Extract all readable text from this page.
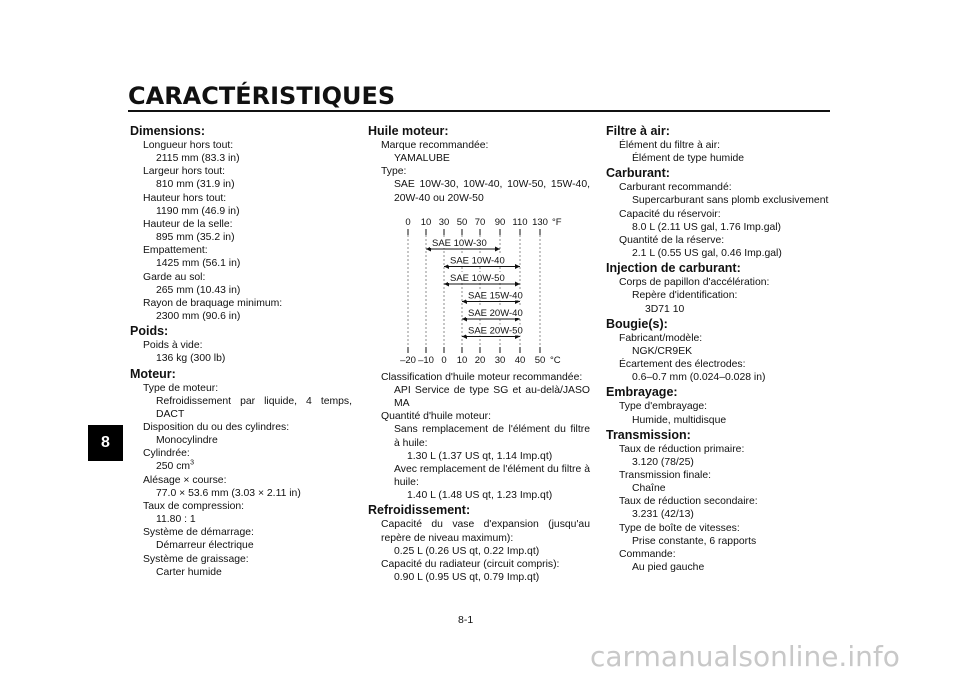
CARACTÉRISTIQUES
8
Dimensions:
Longueur hors tout:
2115 mm (83.3 in)
Largeur hors tout:
810 mm (31.9 in)
Hauteur hors tout:
1190 mm (46.9 in)
Hauteur de la selle:
895 mm (35.2 in)
Empattement:
1425 mm (56.1 in)
Garde au sol:
265 mm (10.43 in)
Rayon de braquage minimum:
2300 mm (90.6 in)
Poids:
Poids à vide:
136 kg (300 lb)
Moteur:
Type de moteur:
Refroidissement par liquide, 4 temps,
DACT
Disposition du ou des cylindres:
Monocylindre
Cylindrée:
250 $cm^3$
Alésage × course:
77.0 × 53.6 mm (3.03 × 2.11 in)
Taux de compression:
11.80 : 1
Système de démarrage:
Démarreur électrique
Système de graissage:
Carter humide
Huile moteur:
Marque recommandée:
YAMALUBE
Type:
SAE 10W-30, 10W-40, 10W-50, 15W-40, 20W-40 ou 20W-50
0 10 30 50 70 90 110 130 °F
–20 –10 0 10 20 30 40 50 °C
SAE 10W-30
SAE 10W-40
SAE 10W-50
SAE 15W-40
SAE 20W-40
SAE 20W-50
Classification d'huile moteur recommandée:
API Service de type SG et au-delà/JASO MA
Quantité d'huile moteur:
Sans remplacement de l'élément du filtre à huile:
1.30 L (1.37 US qt, 1.14 Imp.qt)
Avec remplacement de l'élément du filtre à huile:
1.40 L (1.48 US qt, 1.23 Imp.qt)
Refroidissement:
Capacité du vase d'expansion (jusqu'au repère de niveau maximum):
0.25 L (0.26 US qt, 0.22 Imp.qt)
Capacité du radiateur (circuit compris):
0.90 L (0.95 US qt, 0.79 Imp.qt)
Filtre à air:
Élément du filtre à air:
Élément de type humide
Carburant:
Carburant recommandé:
Supercarburant sans plomb exclusivement
Capacité du réservoir:
8.0 L (2.11 US gal, 1.76 Imp.gal)
Quantité de la réserve:
2.1 L (0.55 US gal, 0.46 Imp.gal)
Injection de carburant:
Corps de papillon d'accélération:
Repère d'identification:
3D71 10
Bougie(s):
Fabricant/modèle:
NGK/CR9EK
Écartement des électrodes:
0.6–0.7 mm (0.024–0.028 in)
Embrayage:
Type d'embrayage:
Humide, multidisque
Transmission:
Taux de réduction primaire:
3.120 (78/25)
Transmission finale:
Chaîne
Taux de réduction secondaire:
3.231 (42/13)
Type de boîte de vitesses:
Prise constante, 6 rapports
Commande:
Au pied gauche
8-1
carmanualsonline.info
